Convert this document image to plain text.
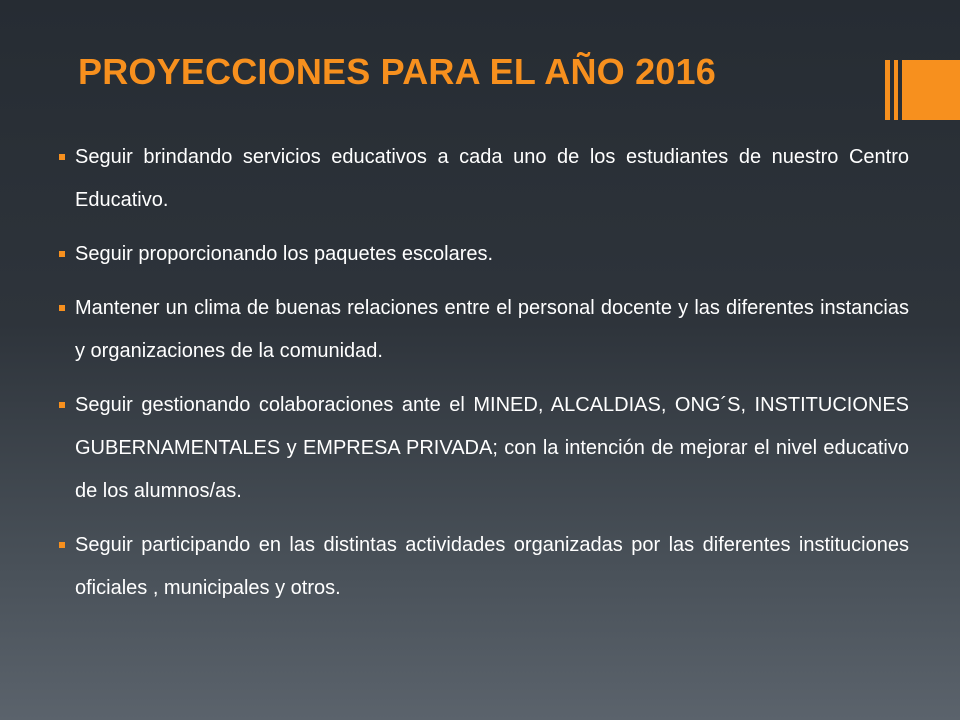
PROYECCIONES PARA EL AÑO 2016
Seguir brindando servicios educativos a cada uno de los estudiantes de nuestro Centro Educativo.
Seguir proporcionando los paquetes escolares.
Mantener un clima de buenas relaciones entre el personal docente y las diferentes instancias y organizaciones de la comunidad.
Seguir gestionando colaboraciones ante el MINED, ALCALDIAS, ONG´S, INSTITUCIONES GUBERNAMENTALES y EMPRESA PRIVADA; con la intención de mejorar el nivel educativo de los alumnos/as.
Seguir participando en las distintas actividades organizadas por las diferentes instituciones oficiales , municipales y otros.
